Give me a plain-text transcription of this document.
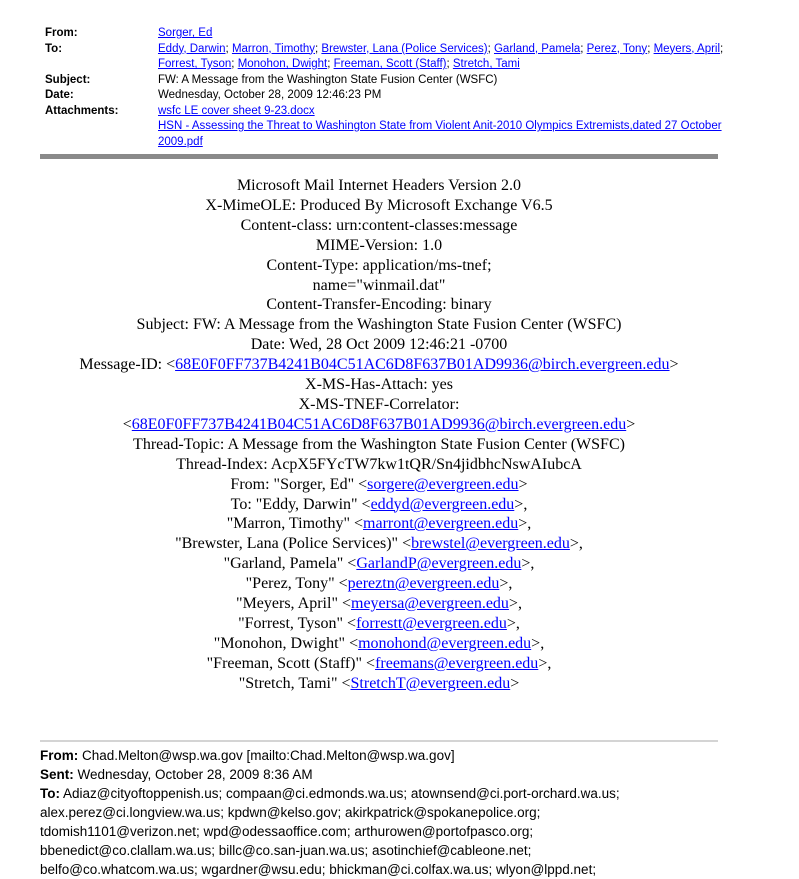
From:	Sorger, Ed
To:	Eddy, Darwin; Marron, Timothy; Brewster, Lana (Police Services); Garland, Pamela; Perez, Tony; Meyers, April;
Forrest, Tyson; Monohon, Dwight; Freeman, Scott (Staff); Stretch, Tami
Subject:	FW: A Message from the Washington State Fusion Center (WSFC)
Date:	Wednesday, October 28, 2009 12:46:23 PM
Attachments:	wsfc LE cover sheet 9-23.docx
HSN - Assessing the Threat to Washington State from Violent Anit-2010 Olympics Extremists,dated 27 October
2009.pdf
Microsoft Mail Internet Headers Version 2.0
X-MimeOLE: Produced By Microsoft Exchange V6.5
Content-class: urn:content-classes:message
MIME-Version: 1.0
Content-Type: application/ms-tnef;
name="winmail.dat"
Content-Transfer-Encoding: binary
Subject: FW: A Message from the Washington State Fusion Center (WSFC)
Date: Wed, 28 Oct 2009 12:46:21 -0700
Message-ID: <68E0F0FF737B4241B04C51AC6D8F637B01AD9936@birch.evergreen.edu>
X-MS-Has-Attach: yes
X-MS-TNEF-Correlator:
<68E0F0FF737B4241B04C51AC6D8F637B01AD9936@birch.evergreen.edu>
Thread-Topic: A Message from the Washington State Fusion Center (WSFC)
Thread-Index: AcpX5FYcTW7kw1tQR/Sn4jidbhcNswAIubcA
From: "Sorger, Ed" <sorgere@evergreen.edu>
To: "Eddy, Darwin" <eddyd@evergreen.edu>,
"Marron, Timothy" <marront@evergreen.edu>,
"Brewster, Lana (Police Services)" <brewstel@evergreen.edu>,
"Garland, Pamela" <GarlandP@evergreen.edu>,
"Perez, Tony" <pereztn@evergreen.edu>,
"Meyers, April" <meyersa@evergreen.edu>,
"Forrest, Tyson" <forrestt@evergreen.edu>,
"Monohon, Dwight" <monohond@evergreen.edu>,
"Freeman, Scott (Staff)" <freemans@evergreen.edu>,
"Stretch, Tami" <StretchT@evergreen.edu>
From: Chad.Melton@wsp.wa.gov [mailto:Chad.Melton@wsp.wa.gov]
Sent: Wednesday, October 28, 2009 8:36 AM
To: Adiaz@cityoftoppenish.us; compaan@ci.edmonds.wa.us; atownsend@ci.port-orchard.wa.us;
alex.perez@ci.longview.wa.us; kpdwn@kelso.gov; akirkpatrick@spokanepolice.org;
tdomish1101@verizon.net; wpd@odessaoffice.com; arthurowen@portofpasco.org;
bbenedict@co.clallam.wa.us; billc@co.san-juan.wa.us; asotinchief@cableone.net;
belfo@co.whatcom.wa.us; wgardner@wsu.edu; bhickman@ci.colfax.wa.us; wlyon@lppd.net;
